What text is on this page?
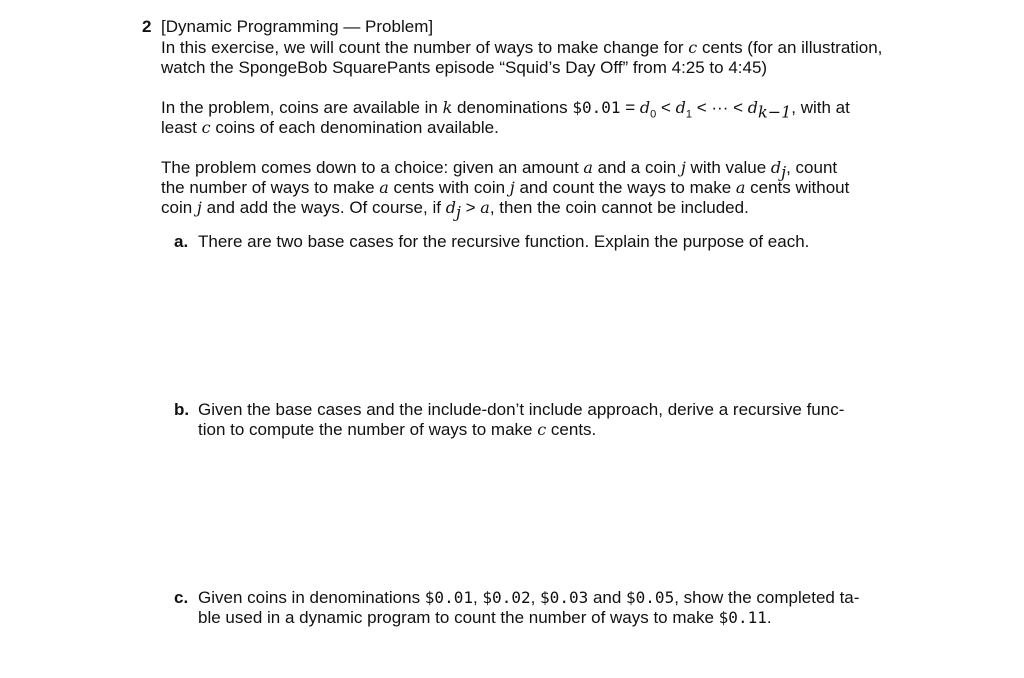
2 [Dynamic Programming — Problem]

In this exercise, we will count the number of ways to make change for c cents (for an illustration,
watch the SpongeBob SquarePants episode “Squid’s Day Off” from 4:25 to 4:45)

In the problem, coins are available in k denominations $0.01 = $d_0 < d_1$ < ··· < $d_{k-1}$, with at
least c coins of each denomination available.

The problem comes down to a choice: given an amount a and a coin j with value $d_j$, count
the number of ways to make a cents with coin j and count the ways to make a cents without
coin j and add the ways. Of course, if $d_j > a$, then the coin cannot be included.

a. There are two base cases for the recursive function. Explain the purpose of each.
b. Given the base cases and the include-don’t include approach, derive a recursive func-
tion to compute the number of ways to make c cents.
c. Given coins in denominations $0.01, $0.02, $0.03 and $0.05, show the completed ta-
ble used in a dynamic program to count the number of ways to make $0.11.
